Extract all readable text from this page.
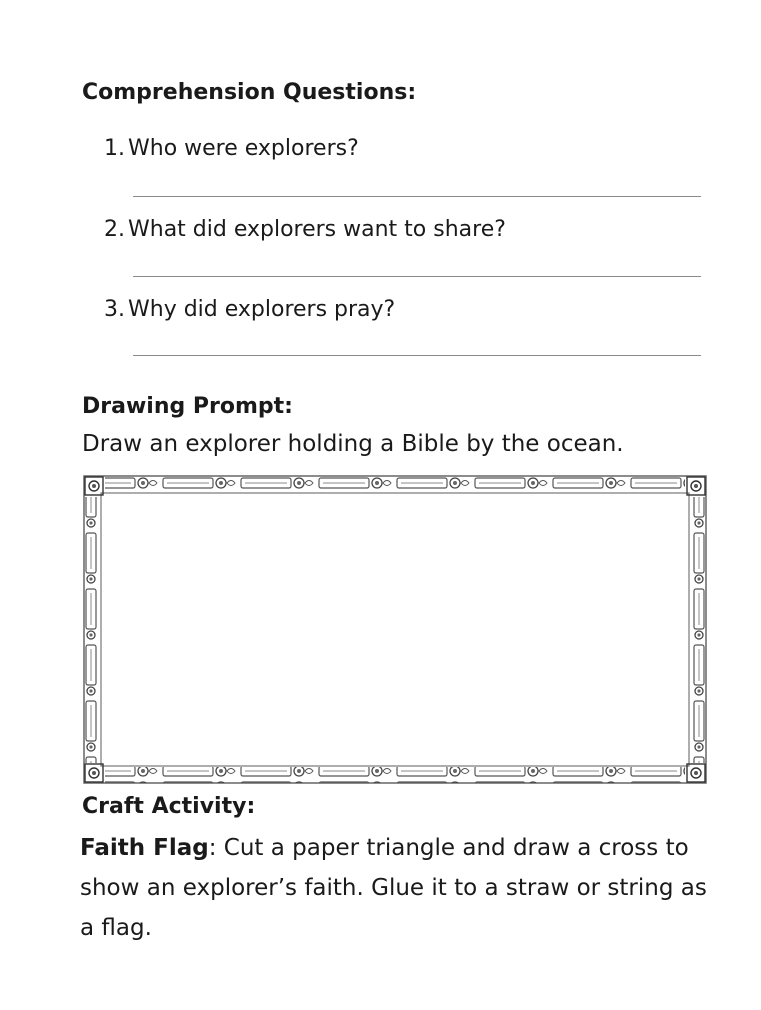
Comprehension Questions:
1. Who were explorers?
2. What did explorers want to share?
3. Why did explorers pray?
Drawing Prompt:

Draw an explorer holding a Bible by the ocean.

Craft Activity:

Faith Flag: Cut a paper triangle and draw a cross to show an explorer’s faith. Glue it to a straw or string as a flag.
